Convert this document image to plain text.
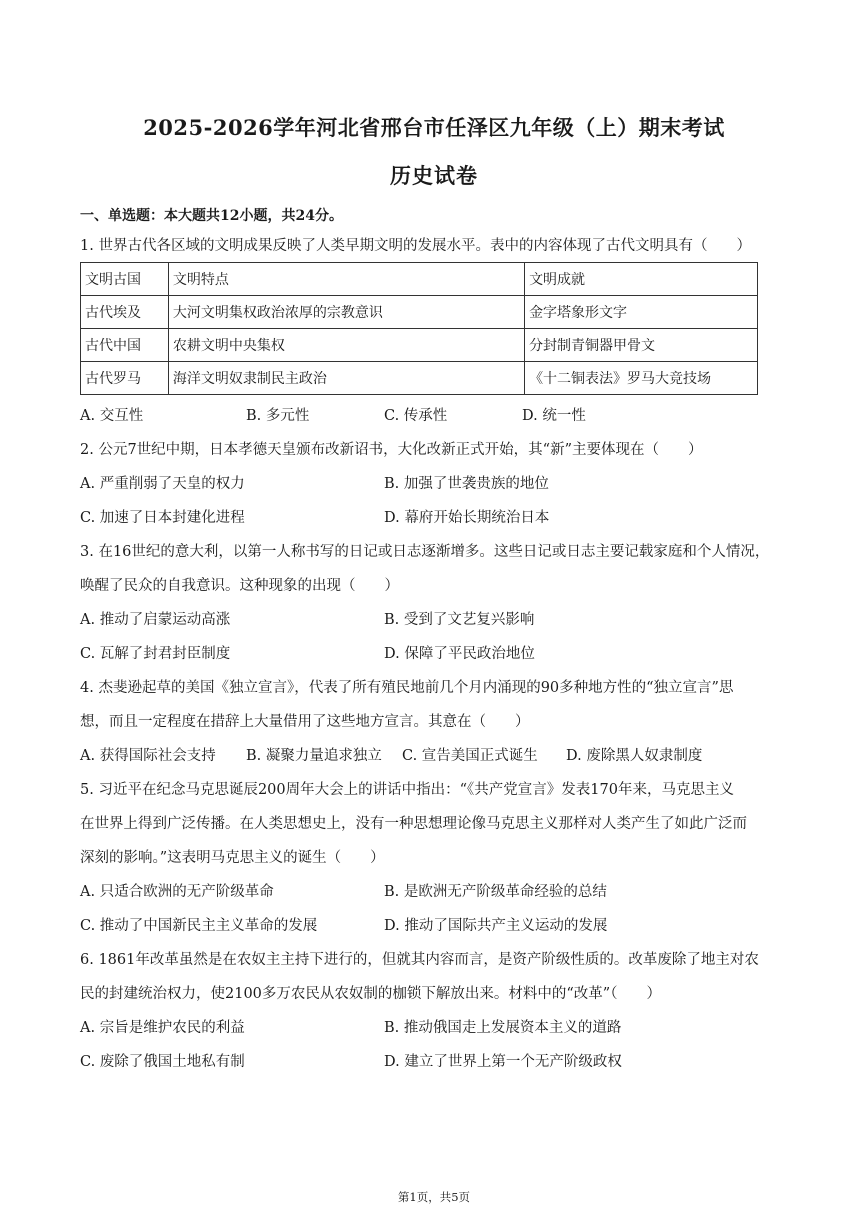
2025-2026学年河北省邢台市任泽区九年级（上）期末考试
历史试卷
一、单选题：本大题共12小题，共24分。
1. 世界古代各区域的文明成果反映了人类早期文明的发展水平。表中的内容体现了古代文明具有（　　）
文明古国	文明特点	文明成就
古代埃及	大河文明集权政治浓厚的宗教意识	金字塔象形文字
古代中国	农耕文明中央集权	分封制青铜器甲骨文
古代罗马	海洋文明奴隶制民主政治	《十二铜表法》罗马大竞技场
A. 交互性	B. 多元性	C. 传承性	D. 统一性
2. 公元7世纪中期，日本孝德天皇颁布改新诏书，大化改新正式开始，其“新”主要体现在（　　）
A. 严重削弱了天皇的权力	B. 加强了世袭贵族的地位
C. 加速了日本封建化进程	D. 幕府开始长期统治日本
3. 在16世纪的意大利，以第一人称书写的日记或日志逐渐增多。这些日记或日志主要记载家庭和个人情况，
唤醒了民众的自我意识。这种现象的出现（　　）
A. 推动了启蒙运动高涨	B. 受到了文艺复兴影响
C. 瓦解了封君封臣制度	D. 保障了平民政治地位
4. 杰斐逊起草的美国《独立宣言》，代表了所有殖民地前几个月内涌现的90多种地方性的“独立宣言”思
想，而且一定程度在措辞上大量借用了这些地方宣言。其意在（　　）
A. 获得国际社会支持 B. 凝聚力量追求独立 C. 宣告美国正式诞生 D. 废除黑人奴隶制度
5. 习近平在纪念马克思诞辰200周年大会上的讲话中指出：“《共产党宣言》发表170年来，马克思主义
在世界上得到广泛传播。在人类思想史上，没有一种思想理论像马克思主义那样对人类产生了如此广泛而
深刻的影响。”这表明马克思主义的诞生（　　）
A. 只适合欧洲的无产阶级革命	B. 是欧洲无产阶级革命经验的总结
C. 推动了中国新民主主义革命的发展	D. 推动了国际共产主义运动的发展
6. 1861年改革虽然是在农奴主主持下进行的，但就其内容而言，是资产阶级性质的。改革废除了地主对农
民的封建统治权力，使2100多万农民从农奴制的枷锁下解放出来。材料中的“改革”（　　）
A. 宗旨是维护农民的利益	B. 推动俄国走上发展资本主义的道路
C. 废除了俄国土地私有制	D. 建立了世界上第一个无产阶级政权
第1页，共5页
